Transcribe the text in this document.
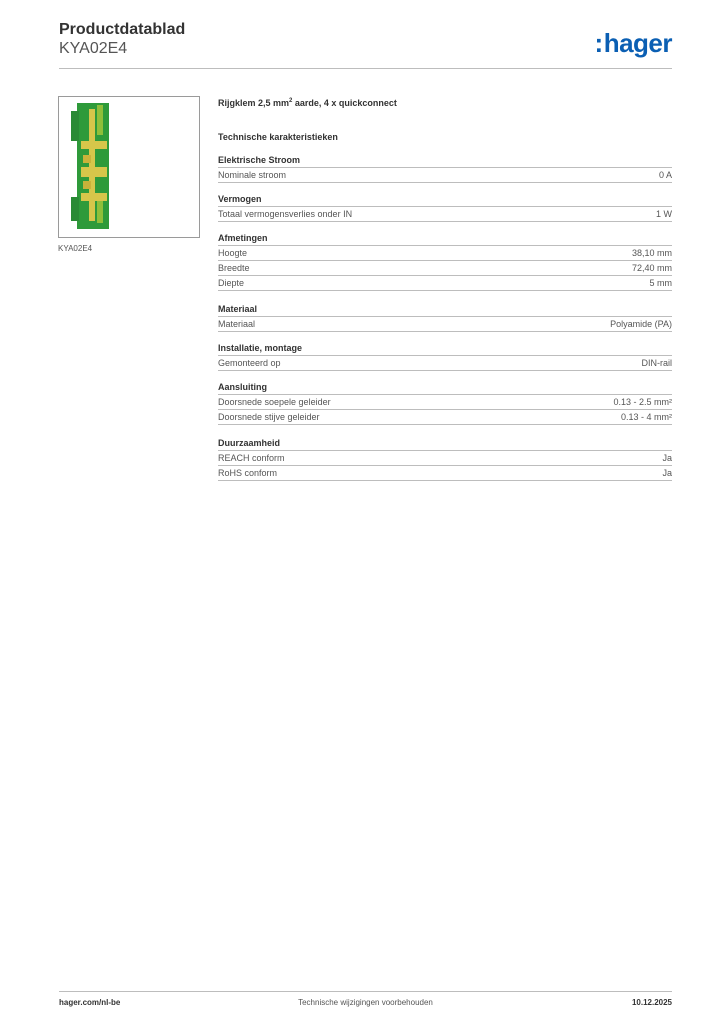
Productdatablad
KYA02E4	:hager
KYA02E4
Rijgklem 2,5 $mm^2$ aarde, 4 x quickconnect
Technische karakteristieken
Elektrische Stroom
Nominale stroom	0 A
Vermogen
Totaal vermogensverlies onder IN	1 W
Afmetingen
Hoogte	38,10 mm
Breedte	72,40 mm
Diepte	5 mm
Materiaal
Materiaal	Polyamide (PA)
Installatie, montage
Gemonteerd op	DIN-rail
Aansluiting
Doorsnede soepele geleider	0.13 - 2.5 mm²
Doorsnede stijve geleider	0.13 - 4 mm²
Duurzaamheid
REACH conform	Ja
RoHS conform	Ja
hager.com/nl-be	Technische wijzigingen voorbehouden	10.12.2025
